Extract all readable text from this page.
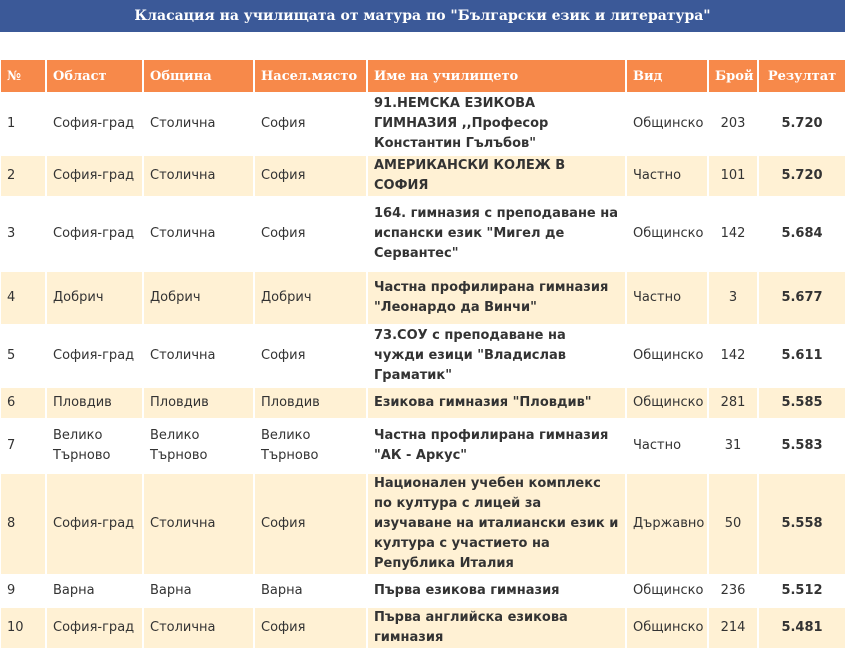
Класация на училищата от матура по "Български език и литература"
№	Област	Община	Насел.място	Име на училището	Вид	Брой	Резултат
1	София-град	Столична	София	91.НЕМСКА ЕЗИКОВА ГИМНАЗИЯ ,,Професор Константин Гълъбов"	Общинско	203	5.720
2	София-град	Столична	София	АМЕРИКАНСКИ КОЛЕЖ В СОФИЯ	Частно	101	5.720
3	София-град	Столична	София	164. гимназия с преподаване на испански език "Мигел де Сервантес"	Общинско	142	5.684
4	Добрич	Добрич	Добрич	Частна профилирана гимназия "Леонардо да Винчи"	Частно	3	5.677
5	София-град	Столична	София	73.СОУ с преподаване на чужди езици "Владислав Граматик"	Общинско	142	5.611
6	Пловдив	Пловдив	Пловдив	Езикова гимназия "Пловдив"	Общинско	281	5.585
7	Велико Търново	Велико Търново	Велико Търново	Частна профилирана гимназия "АК - Аркус"	Частно	31	5.583
8	София-град	Столична	София	Национален учебен комплекс по култура с лицей за изучаване на италиански език и култура с участието на Република Италия	Държавно	50	5.558
9	Варна	Варна	Варна	Първа езикова гимназия	Общинско	236	5.512
10	София-град	Столична	София	Първа английска езикова гимназия	Общинско	214	5.481
